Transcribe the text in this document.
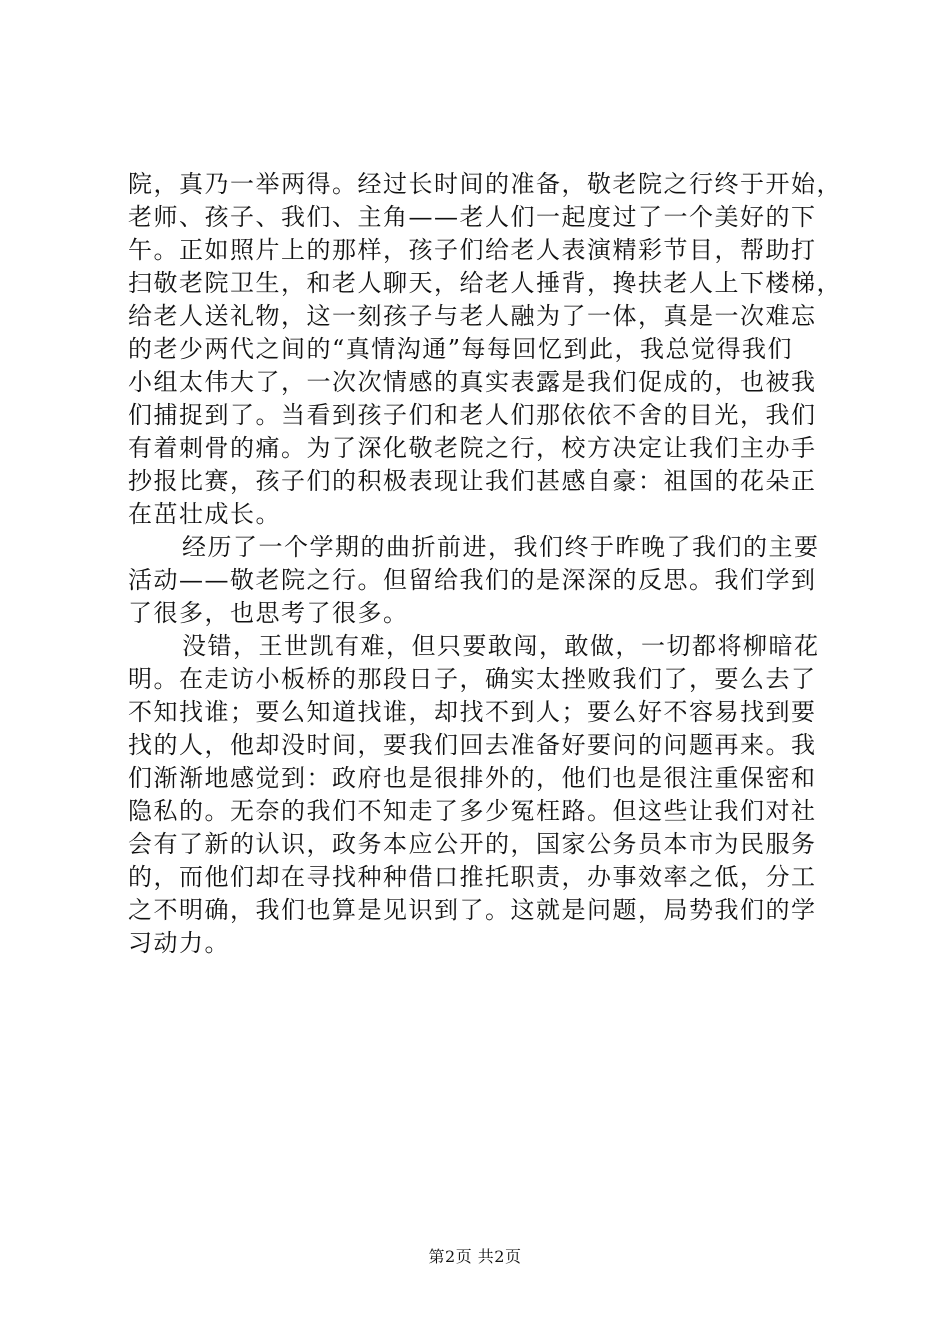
院，真乃一举两得。经过长时间的准备，敬老院之行终于开始，
老师、孩子、我们、主角——老人们一起度过了一个美好的下
午。正如照片上的那样，孩子们给老人表演精彩节目，帮助打
扫敬老院卫生，和老人聊天，给老人捶背，搀扶老人上下楼梯，
给老人送礼物，这一刻孩子与老人融为了一体，真是一次难忘
的老少两代之间的“真情沟通”每每回忆到此，我总觉得我们
小组太伟大了，一次次情感的真实表露是我们促成的，也被我
们捕捉到了。当看到孩子们和老人们那依依不舍的目光，我们
有着刺骨的痛。为了深化敬老院之行，校方决定让我们主办手
抄报比赛，孩子们的积极表现让我们甚感自豪：祖国的花朵正
在茁壮成长。
经历了一个学期的曲折前进，我们终于昨晚了我们的主要
活动——敬老院之行。但留给我们的是深深的反思。我们学到
了很多，也思考了很多。
没错，王世凯有难，但只要敢闯，敢做，一切都将柳暗花
明。在走访小板桥的那段日子，确实太挫败我们了，要么去了
不知找谁；要么知道找谁，却找不到人；要么好不容易找到要
找的人，他却没时间，要我们回去准备好要问的问题再来。我
们渐渐地感觉到：政府也是很排外的，他们也是很注重保密和
隐私的。无奈的我们不知走了多少冤枉路。但这些让我们对社
会有了新的认识，政务本应公开的，国家公务员本市为民服务
的，而他们却在寻找种种借口推托职责，办事效率之低，分工
之不明确，我们也算是见识到了。这就是问题，局势我们的学
习动力。
第2页 共2页
